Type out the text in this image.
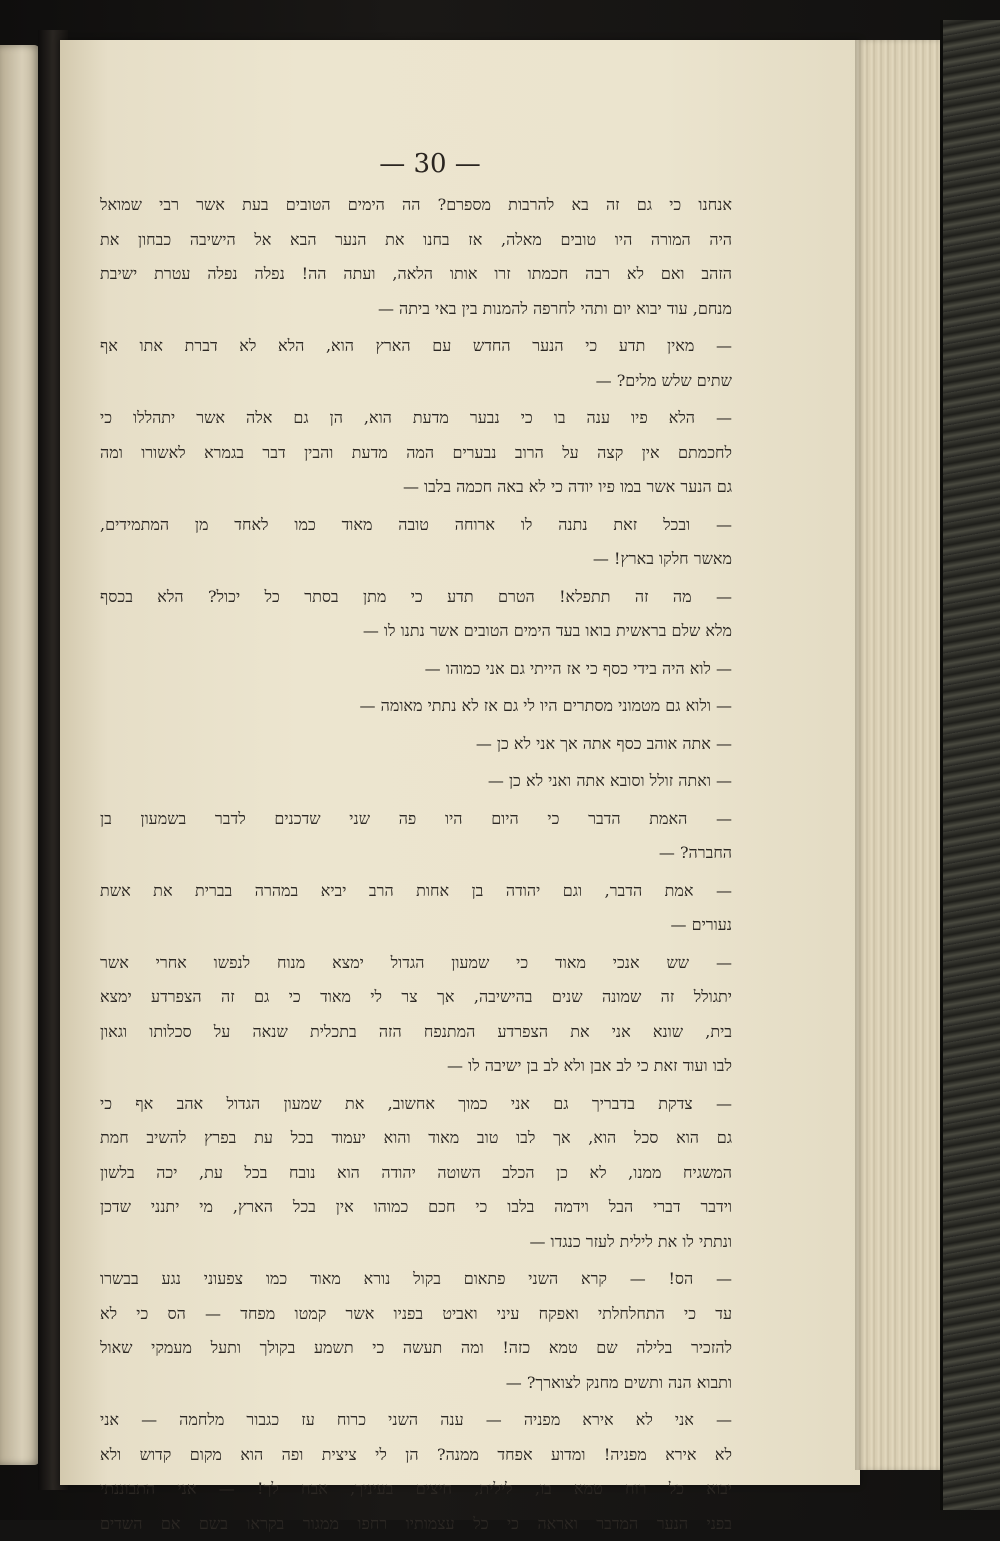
— 30 —
אנחנו כי גם זה בא להרבות מספרם? הה הימים הטובים בעת אשר רבי שמואל
היה המורה היו טובים מאלה, אז בחנו את הנער הבא אל הישיבה כבחון את
הזהב ואם לא רבה חכמתו זרו אותו הלאה, ועתה הה! נפלה נפלה עטרת ישיבת
מנחם, עוד יבוא יום ותהי לחרפה להמנות בין באי ביתה —
— מאין תדע כי הנער החדש עם הארץ הוא, הלא לא דברת אתו אף
שתים שלש מלים? —
— הלא פיו ענה בו כי נבער מדעת הוא, הן גם אלה אשר יתהללו כי
לחכמתם אין קצה על הרוב נבערים המה מדעת והבין דבר בגמרא לאשורו ומה
גם הנער אשר במו פיו יודה כי לא באה חכמה בלבו —
— ובכל זאת נתנה לו ארוחה טובה מאוד כמו לאחד מן המתמידים,
מאשר חלקו בארץ! —
— מה זה תתפלא! הטרם תדע כי מתן בסתר כל יכול? הלא בכסף
מלא שלם בראשית בואו בעד הימים הטובים אשר נתנו לו —
— לוא היה בידי כסף כי אז הייתי גם אני כמוהו —
— ולוא גם מטמוני מסתרים היו לי גם אז לא נתתי מאומה —
— אתה אוהב כסף אתה אך אני לא כן —
— ואתה זולל וסובא אתה ואני לא כן —
— האמת הדבר כי היום היו פה שני שדכנים לדבר בשמעון בן
החברה? —
— אמת הדבר, וגם יהודה בן אחות הרב יביא במהרה בברית את אשת
נעורים —
— שש אנכי מאוד כי שמעון הגדול ימצא מנוח לנפשו אחרי אשר
יתגולל זה שמונה שנים בהישיבה, אך צר לי מאוד כי גם זה הצפרדע ימצא
בית, שונא אני את הצפרדע המתנפח הזה בתכלית שנאה על סכלותו וגאון
לבו ועוד זאת כי לב אבן ולא לב בן ישיבה לו —
— צדקת בדבריך גם אני כמוך אחשוב, את שמעון הגדול אהב אף כי
גם הוא סכל הוא, אך לבו טוב מאוד והוא יעמוד בכל עת בפרץ להשיב חמת
המשגיח ממנו, לא כן הכלב השוטה יהודה הוא נובח בכל עת, יכה בלשון
וידבר דברי הבל וידמה בלבו כי חכם כמוהו אין בכל הארץ, מי יתנני שדכן
ונתתי לו את לילית לעזר כנגדו —
— הס! — קרא השני פתאום בקול נורא מאוד כמו צפעוני נגע בבשרו
עד כי התחלחלתי ואפקח עיני ואביט בפניו אשר קמטו מפחד — הס כי לא
להזכיר בלילה שם טמא כזה! ומה תעשה כי תשמע בקולך ותעל מעמקי שאול
ותבוא הנה ותשים מחנק לצוארך? —
— אני לא אירא מפניה — ענה השני כרוח עז כגבור מלחמה — אני
לא אירא מפניה! ומדוע אפחד ממנה? הן לי ציצית ופה הוא מקום קדוש ולא
יבוא כל רוח טמא בו, לילית, חיצים בעיניך, אבח לך! — אני התבוננתי
בפני הנער המדבר ואראה כי כל עצמותיו רחפו ממגור בקראו בשם אם השדים
